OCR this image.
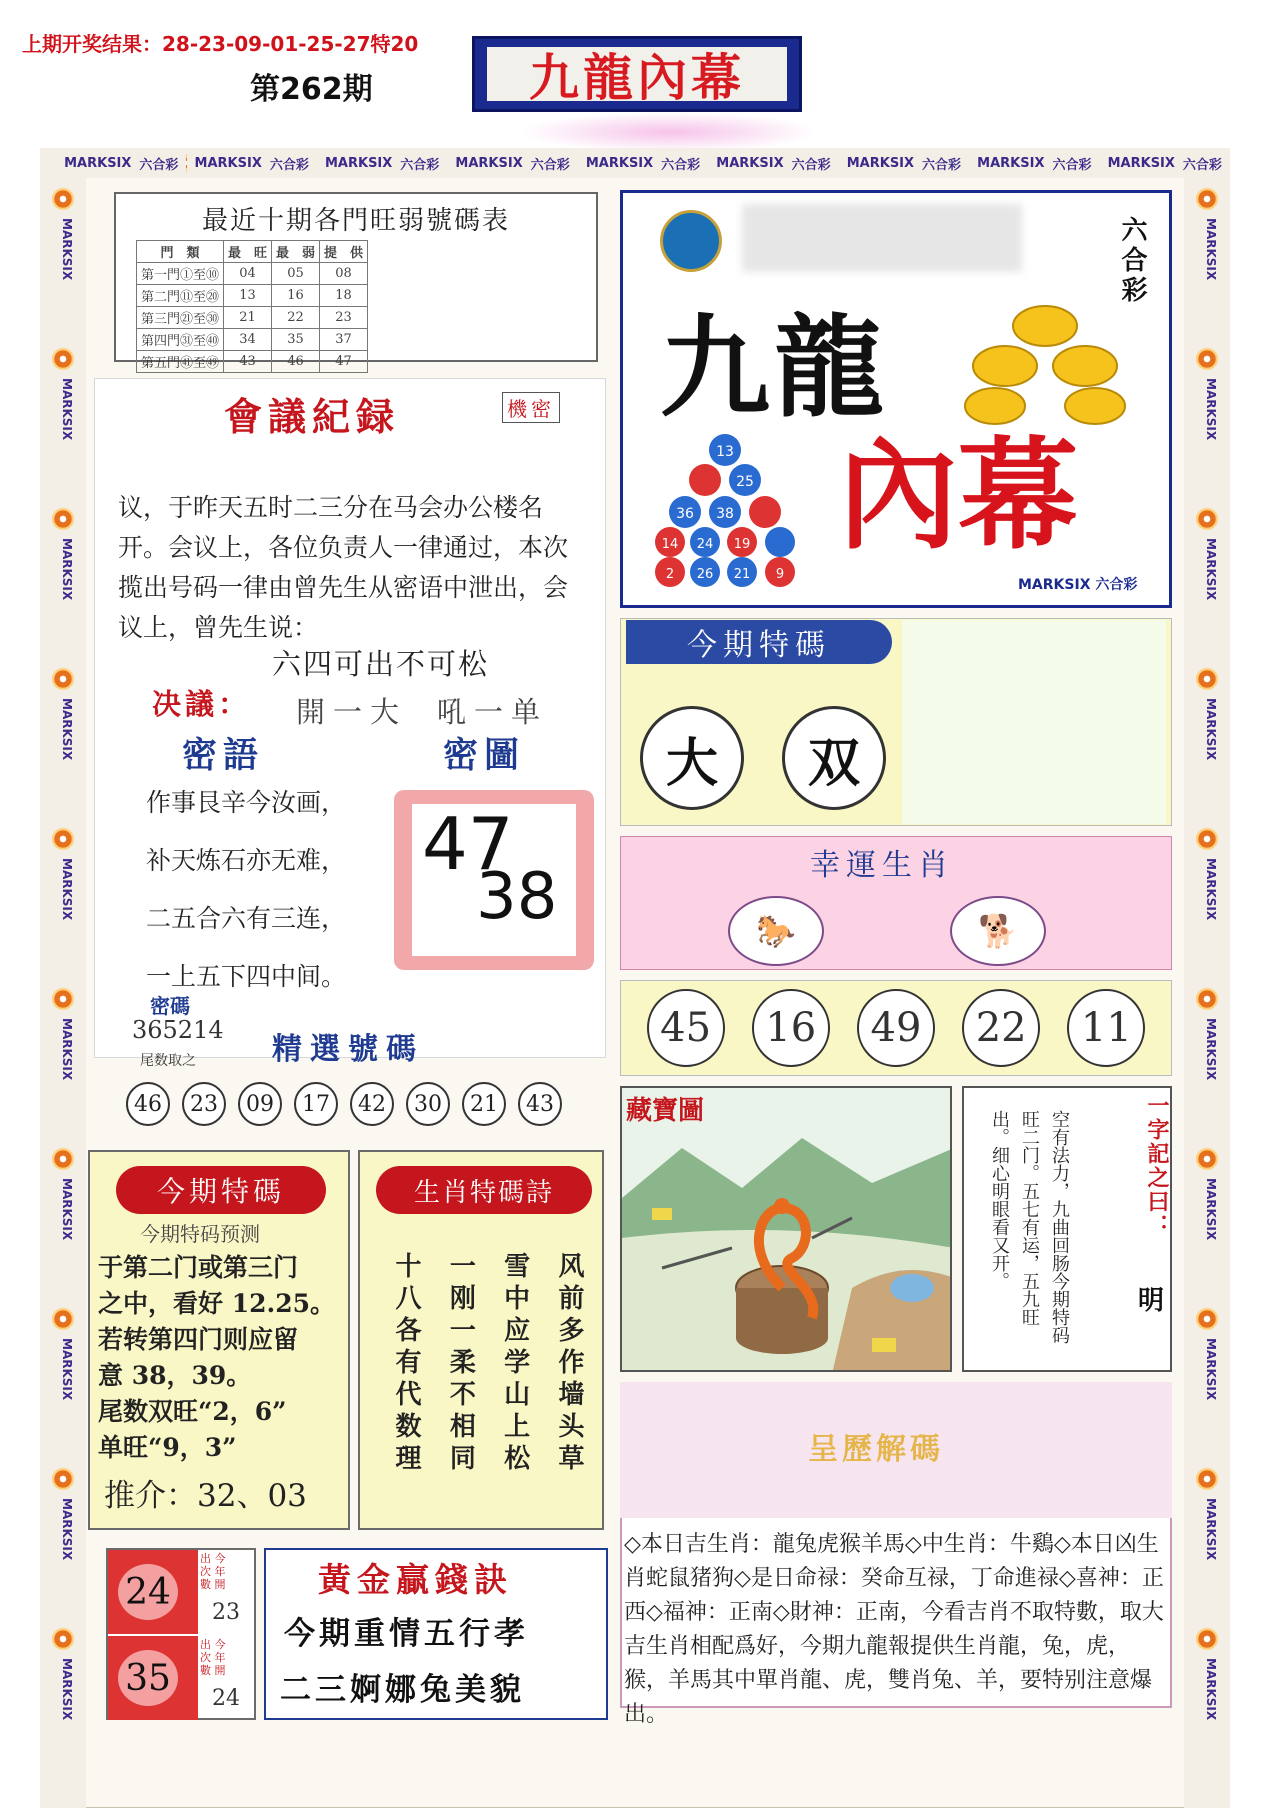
上期开奖结果：28-23-09-01-25-27特20
第262期	九龍內幕
MARKSIX 六合彩 MARKSIX 六合彩 MARKSIX 六合彩 MARKSIX 六合彩 MARKSIX 六合彩 MARKSIX 六合彩 MARKSIX 六合彩 MARKSIX 六合彩 MARKSIX 六合彩
MARKSIX
MARKSIX
MARKSIX
MARKSIX
MARKSIX
MARKSIX
MARKSIX
MARKSIX
MARKSIX
MARKSIX
MARKSIX
MARKSIX
MARKSIX
MARKSIX
MARKSIX
MARKSIX
MARKSIX
MARKSIX
MARKSIX
MARKSIX
最近十期各門旺弱號碼表
門　類	最　旺	最　弱	提　供
第一門①至⑩	04	05	08
第二門⑪至⑳	13	16	18
第三門㉑至㉚	21	22	23
第四門㉛至㊵	34	35	37
第五門㊶至㊾	43	46	47
會議紀録	機密
议，于昨天五时二三分在马会办公楼名开。会议上，各位负责人一律通过，本次揽出号码一律由曾先生从密语中泄出，会议上，曾先生说：
六四可出不可松
决議： 開一大 吼一单
密語	密圖
作事艮辛今汝画，
补天炼石亦无难，
二五合六有三连，
一上五下四中间。
47
38
密碼
365214
尾数取之	精選號碼
46	23	09	17	42	30	21	43
六合彩
九龍
內幕
13
25
36 38
14 24 19
2 26 21 9
MARKSIX 六合彩
今期特碼
大	双
幸運生肖
🐎	🐕
45	16	49	22	11
藏寶圖	一字記之曰：
明
空有法力，九曲回肠今期特码旺二门。五七有运，五九旺出。细心明眼看又开。
今期特碼
今期特码预测
于第二门或第三门
之中，看好 12.25。
若转第四门则应留
意 38，39。
尾数双旺“2，6”
单旺“9，3”
推介：32、03
生肖特碼詩
风前多作墙头草
雪中应学山上松
一刚一柔不相同
十八各有代数理
24
出 今
次 年
數 開
23
35
出 今
次 年
數 開
24
黃金贏錢訣
今期重情五行孝
二三婀娜兔美貌
呈歷解碼
◇本日吉生肖：龍兔虎猴羊馬◇中生肖：牛鷄◇本日凶生肖蛇鼠猪狗◇是日命禄：癸命互禄，丁命進禄◇喜神：正西◇福神：正南◇財神：正南，今看吉肖不取特數，取大吉生肖相配爲好，今期九龍報提供生肖龍，兔，虎，猴，羊馬其中單肖龍、虎，雙肖兔、羊，要特别注意爆出。
